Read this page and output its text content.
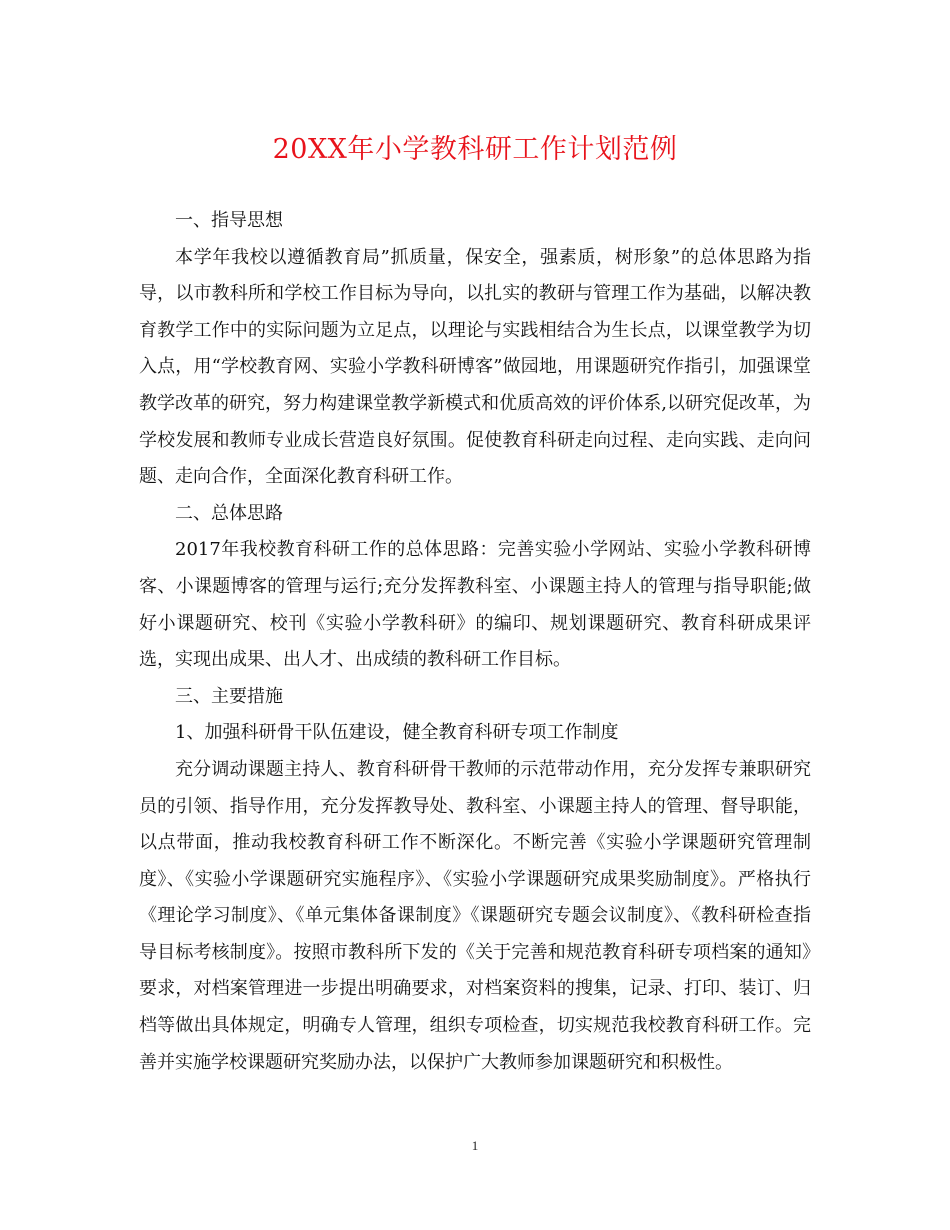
20XX年小学教科研工作计划范例

一、指导思想

本学年我校以遵循教育局”抓质量，保安全，强素质，树形象”的总体思路为指导，以市教科所和学校工作目标为导向，以扎实的教研与管理工作为基础，以解决教育教学工作中的实际问题为立足点，以理论与实践相结合为生长点，以课堂教学为切入点，用“学校教育网、实验小学教科研博客”做园地，用课题研究作指引，加强课堂教学改革的研究，努力构建课堂教学新模式和优质高效的评价体系,以研究促改革，为学校发展和教师专业成长营造良好氛围。促使教育科研走向过程、走向实践、走向问题、走向合作，全面深化教育科研工作。

二、总体思路

2017年我校教育科研工作的总体思路：完善实验小学网站、实验小学教科研博客、小课题博客的管理与运行;充分发挥教科室、小课题主持人的管理与指导职能;做好小课题研究、校刊《实验小学教科研》的编印、规划课题研究、教育科研成果评选，实现出成果、出人才、出成绩的教科研工作目标。

三、主要措施

1、加强科研骨干队伍建设，健全教育科研专项工作制度

充分调动课题主持人、教育科研骨干教师的示范带动作用，充分发挥专兼职研究员的引领、指导作用，充分发挥教导处、教科室、小课题主持人的管理、督导职能，以点带面，推动我校教育科研工作不断深化。不断完善《实验小学课题研究管理制度》、《实验小学课题研究实施程序》、《实验小学课题研究成果奖励制度》。严格执行《理论学习制度》、《单元集体备课制度》《课题研究专题会议制度》、《教科研检查指导目标考核制度》。按照市教科所下发的《关于完善和规范教育科研专项档案的通知》要求，对档案管理进一步提出明确要求，对档案资料的搜集，记录、打印、装订、归档等做出具体规定，明确专人管理，组织专项检查，切实规范我校教育科研工作。完善并实施学校课题研究奖励办法，以保护广大教师参加课题研究和积极性。

1
